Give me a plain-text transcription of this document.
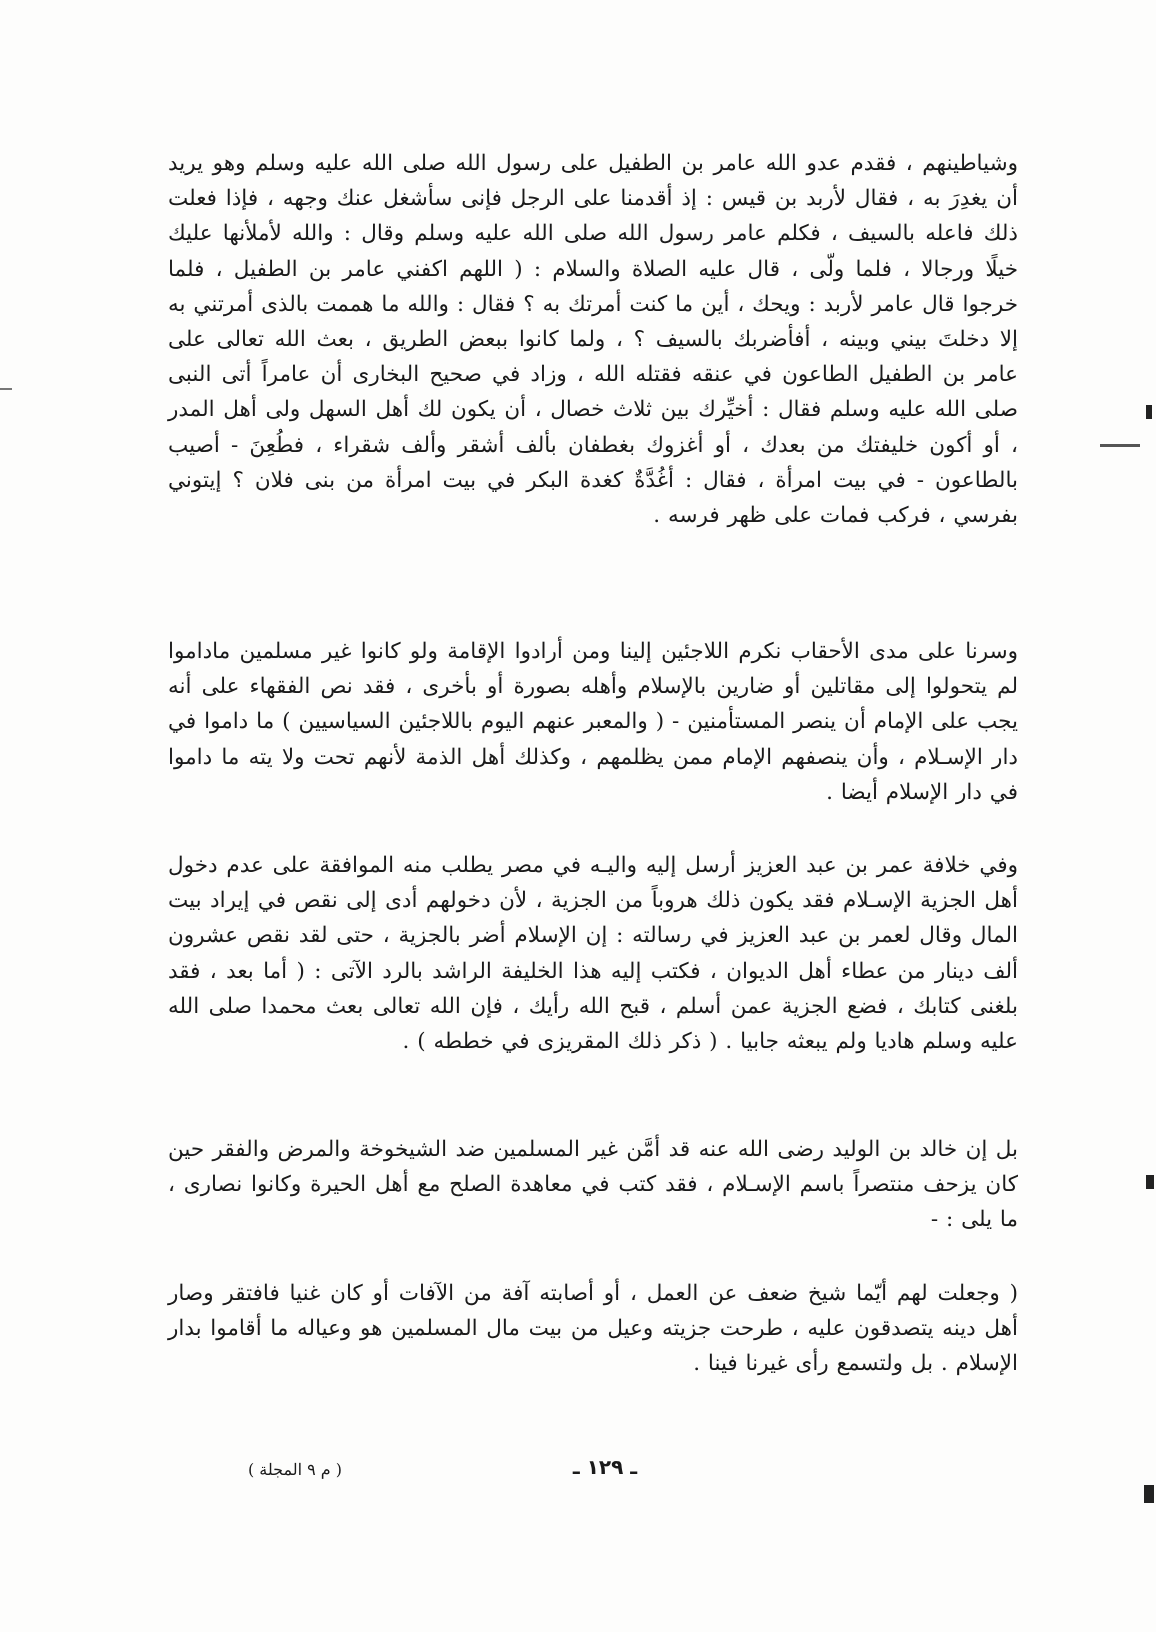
وشياطينهم ، فقدم عدو الله عامر بن الطفيل على رسول الله صلى الله عليه وسلم وهو يريد أن يغدِرَ به ، فقال لأربد بن قيس : إذ أقدمنا على الرجل فإنى سأشغل عنك وجهه ، فإذا فعلت ذلك فاعله بالسيف ، فكلم عامر رسول الله صلى الله عليه وسلم وقال : والله لأملأنها عليك خيلًا ورجالا ، فلما ولّى ، قال عليه الصلاة والسلام : ( اللهم اكفني عامر بن الطفيل ، فلما خرجوا قال عامر لأربد : ويحك ، أين ما كنت أمرتك به ؟ فقال : والله ما هممت بالذى أمرتني به إلا دخلتَ بيني وبينه ، أفأضربك بالسيف ؟ ، ولما كانوا ببعض الطريق ، بعث الله تعالى على عامر بن الطفيل الطاعون في عنقه فقتله الله ، وزاد في صحيح البخارى أن عامراً أتى النبى صلى الله عليه وسلم فقال : أخيِّرك بين ثلاث خصال ، أن يكون لك أهل السهل ولى أهل المدر ، أو أكون خليفتك من بعدك ، أو أغزوك بغطفان بألف أشقر وألف شقراء ، فطُعِنَ - أصيب بالطاعون - في بيت امرأة ، فقال : أغُدَّةٌ كغدة البكر في بيت امرأة من بنى فلان ؟ إيتوني بفرسي ، فركب فمات على ظهر فرسه .

وسرنا على مدى الأحقاب نكرم اللاجئين إلينا ومن أرادوا الإقامة ولو كانوا غير مسلمين ماداموا لم يتحولوا إلى مقاتلين أو ضارين بالإسلام وأهله بصورة أو بأخرى ، فقد نص الفقهاء على أنه يجب على الإمام أن ينصر المستأمنين - ( والمعبر عنهم اليوم باللاجئين السياسيين ) ما داموا في دار الإسـلام ، وأن ينصفهم الإمام ممن يظلمهم ، وكذلك أهل الذمة لأنهم تحت ولا يته ما داموا في دار الإسلام أيضا .

وفي خلافة عمر بن عبد العزيز أرسل إليه واليـه في مصر يطلب منه الموافقة على عدم دخول أهل الجزية الإسـلام فقد يكون ذلك هروباً من الجزية ، لأن دخولهم أدى إلى نقص في إيراد بيت المال وقال لعمر بن عبد العزيز في رسالته : إن الإسلام أضر بالجزية ، حتى لقد نقص عشرون ألف دينار من عطاء أهل الديوان ، فكتب إليه هذا الخليفة الراشد بالرد الآتى : ( أما بعد ، فقد بلغنى كتابك ، فضع الجزية عمن أسلم ، قبح الله رأيك ، فإن الله تعالى بعث محمدا صلى الله عليه وسلم هاديا ولم يبعثه جابيا . ( ذكر ذلك المقريزى في خططه ) .

بل إن خالد بن الوليد رضى الله عنه قد أمَّن غير المسلمين ضد الشيخوخة والمرض والفقر حين كان يزحف منتصراً باسم الإسـلام ، فقد كتب في معاهدة الصلح مع أهل الحيرة وكانوا نصارى ، ما يلى : -

( وجعلت لهم أيّما شيخ ضعف عن العمل ، أو أصابته آفة من الآفات أو كان غنيا فافتقر وصار أهل دينه يتصدقون عليه ، طرحت جزيته وعيل من بيت مال المسلمين هو وعياله ما أقاموا بدار الإسلام . بل ولتسمع رأى غيرنا فينا .

ـ ١٢٩ ـ
( م ٩ المجلة )
